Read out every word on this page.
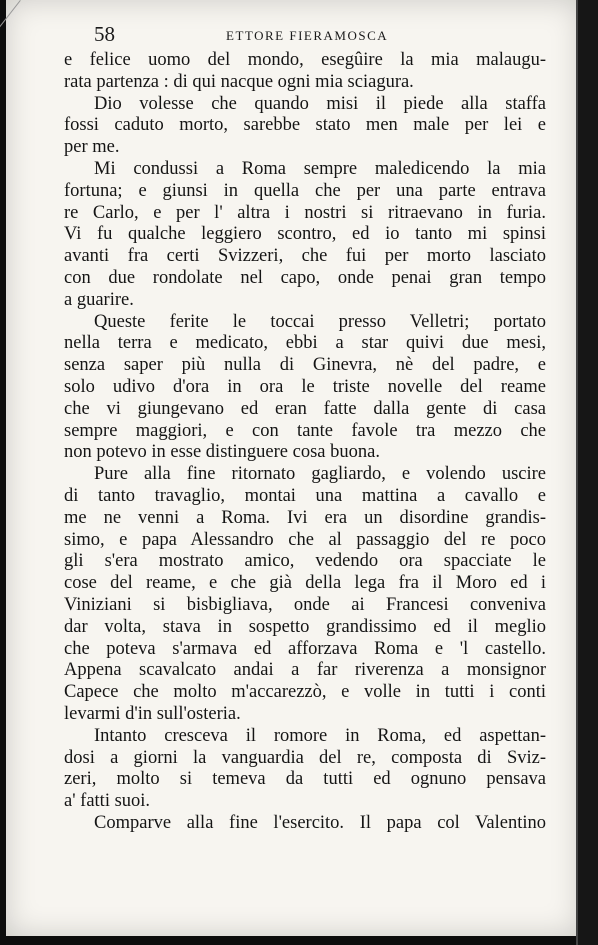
58	ETTORE FIERAMOSCA
e felice uomo del mondo, esegûire la mia malaugu-
rata partenza : di qui nacque ogni mia sciagura.
Dio volesse che quando misi il piede alla staffa
fossi caduto morto, sarebbe stato men male per lei e
per me.
Mi condussi a Roma sempre maledicendo la mia
fortuna; e giunsi in quella che per una parte entrava
re Carlo, e per l' altra i nostri si ritraevano in furia.
Vi fu qualche leggiero scontro, ed io tanto mi spinsi
avanti fra certi Svizzeri, che fui per morto lasciato
con due rondolate nel capo, onde penai gran tempo
a guarire.
Queste ferite le toccai presso Velletri; portato
nella terra e medicato, ebbi a star quivi due mesi,
senza saper più nulla di Ginevra, nè del padre, e
solo udivo d'ora in ora le triste novelle del reame
che vi giungevano ed eran fatte dalla gente di casa
sempre maggiori, e con tante favole tra mezzo che
non potevo in esse distinguere cosa buona.
Pure alla fine ritornato gagliardo, e volendo uscire
di tanto travaglio, montai una mattina a cavallo e
me ne venni a Roma. Ivi era un disordine grandis-
simo, e papa Alessandro che al passaggio del re poco
gli s'era mostrato amico, vedendo ora spacciate le
cose del reame, e che già della lega fra il Moro ed i
Viniziani si bisbigliava, onde ai Francesi conveniva
dar volta, stava in sospetto grandissimo ed il meglio
che poteva s'armava ed afforzava Roma e 'l castello.
Appena scavalcato andai a far riverenza a monsignor
Capece che molto m'accarezzò, e volle in tutti i conti
levarmi d'in sull'osteria.
Intanto cresceva il romore in Roma, ed aspettan-
dosi a giorni la vanguardia del re, composta di Sviz-
zeri, molto si temeva da tutti ed ognuno pensava
a' fatti suoi.
Comparve alla fine l'esercito. Il papa col Valentino
